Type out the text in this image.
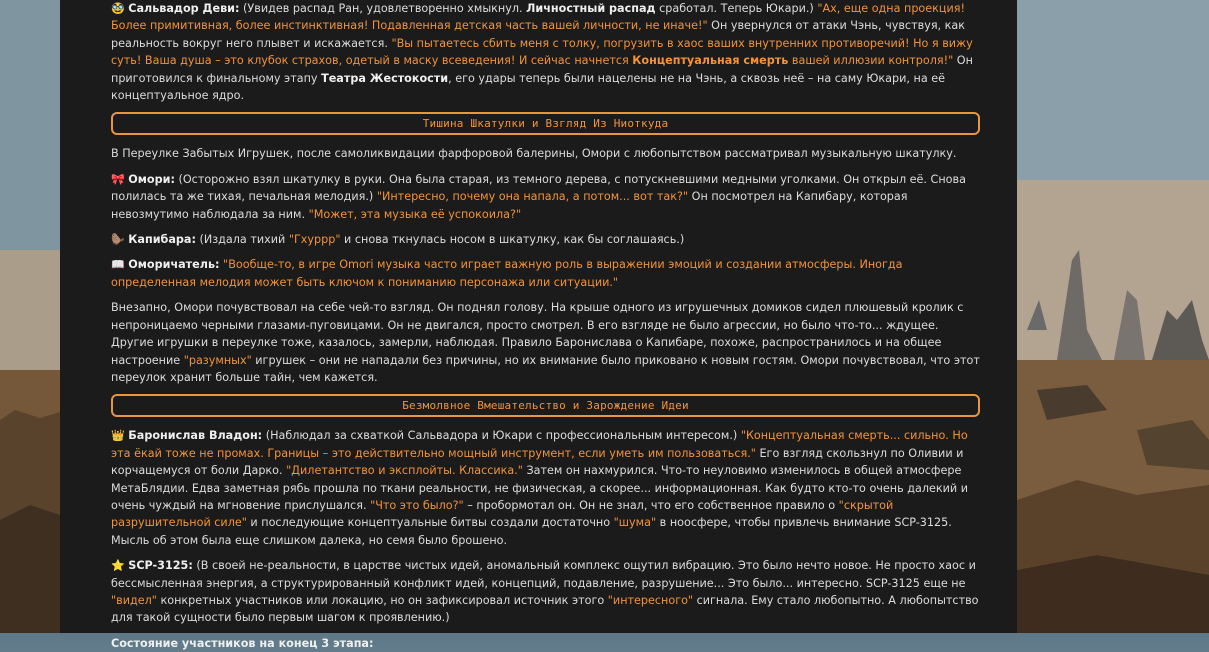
🥸 Сальвадор Деви: (Увидев распад Ран, удовлетворенно хмыкнул. Личностный распад сработал. Теперь Юкари.) "Ах, еще одна проекция! Более примитивная, более инстинктивная! Подавленная детская часть вашей личности, не иначе!" Он увернулся от атаки Чэнь, чувствуя, как реальность вокруг него плывет и искажается. "Вы пытаетесь сбить меня с толку, погрузить в хаос ваших внутренних противоречий! Но я вижу суть! Ваша душа – это клубок страхов, одетый в маску всеведения! И сейчас начнется Концептуальная смерть вашей иллюзии контроля!" Он приготовился к финальному этапу Театра Жестокости, его удары теперь были нацелены не на Чэнь, а сквозь неё – на саму Юкари, на её концептуальное ядро.

Тишина Шкатулки и Взгляд Из Ниоткуда

В Переулке Забытых Игрушек, после самоликвидации фарфоровой балерины, Омори с любопытством рассматривал музыкальную шкатулку.

🎀 Омори: (Осторожно взял шкатулку в руки. Она была старая, из темного дерева, с потускневшими медными уголками. Он открыл её. Снова полилась та же тихая, печальная мелодия.) "Интересно, почему она напала, а потом... вот так?" Он посмотрел на Капибару, которая невозмутимо наблюдала за ним. "Может, эта музыка её успокоила?"

🦫 Капибара: (Издала тихий "Гхуррр" и снова ткнулась носом в шкатулку, как бы соглашаясь.)

📖 Оморичатель: "Вообще-то, в игре Omori музыка часто играет важную роль в выражении эмоций и создании атмосферы. Иногда определенная мелодия может быть ключом к пониманию персонажа или ситуации."

Внезапно, Омори почувствовал на себе чей-то взгляд. Он поднял голову. На крыше одного из игрушечных домиков сидел плюшевый кролик с непроницаемо черными глазами-пуговицами. Он не двигался, просто смотрел. В его взгляде не было агрессии, но было что-то... ждущее. Другие игрушки в переулке тоже, казалось, замерли, наблюдая. Правило Баронислава о Капибаре, похоже, распространилось и на общее настроение "разумных" игрушек – они не нападали без причины, но их внимание было приковано к новым гостям. Омори почувствовал, что этот переулок хранит больше тайн, чем кажется.

Безмолвное Вмешательство и Зарождение Идеи

👑 Баронислав Владон: (Наблюдал за схваткой Сальвадора и Юкари с профессиональным интересом.) "Концептуальная смерть... сильно. Но эта ёкай тоже не промах. Границы – это действительно мощный инструмент, если уметь им пользоваться." Его взгляд скользнул по Оливии и корчащемуся от боли Дарко. "Дилетантство и эксплойты. Классика." Затем он нахмурился. Что-то неуловимо изменилось в общей атмосфере МетаБлядии. Едва заметная рябь прошла по ткани реальности, не физическая, а скорее... информационная. Как будто кто-то очень далекий и очень чуждый на мгновение прислушался. "Что это было?" – пробормотал он. Он не знал, что его собственное правило о "скрытой разрушительной силе" и последующие концептуальные битвы создали достаточно "шума" в ноосфере, чтобы привлечь внимание SCP-3125. Мысль об этом была еще слишком далека, но семя было брошено.

⭐ SCP-3125: (В своей не-реальности, в царстве чистых идей, аномальный комплекс ощутил вибрацию. Это было нечто новое. Не просто хаос и бессмысленная энергия, а структурированный конфликт идей, концепций, подавление, разрушение... Это было... интересно. SCP-3125 еще не "видел" конкретных участников или локацию, но он зафиксировал источник этого "интересного" сигнала. Ему стало любопытно. А любопытство для такой сущности было первым шагом к проявлению.)

Состояние участников на конец 3 этапа:
